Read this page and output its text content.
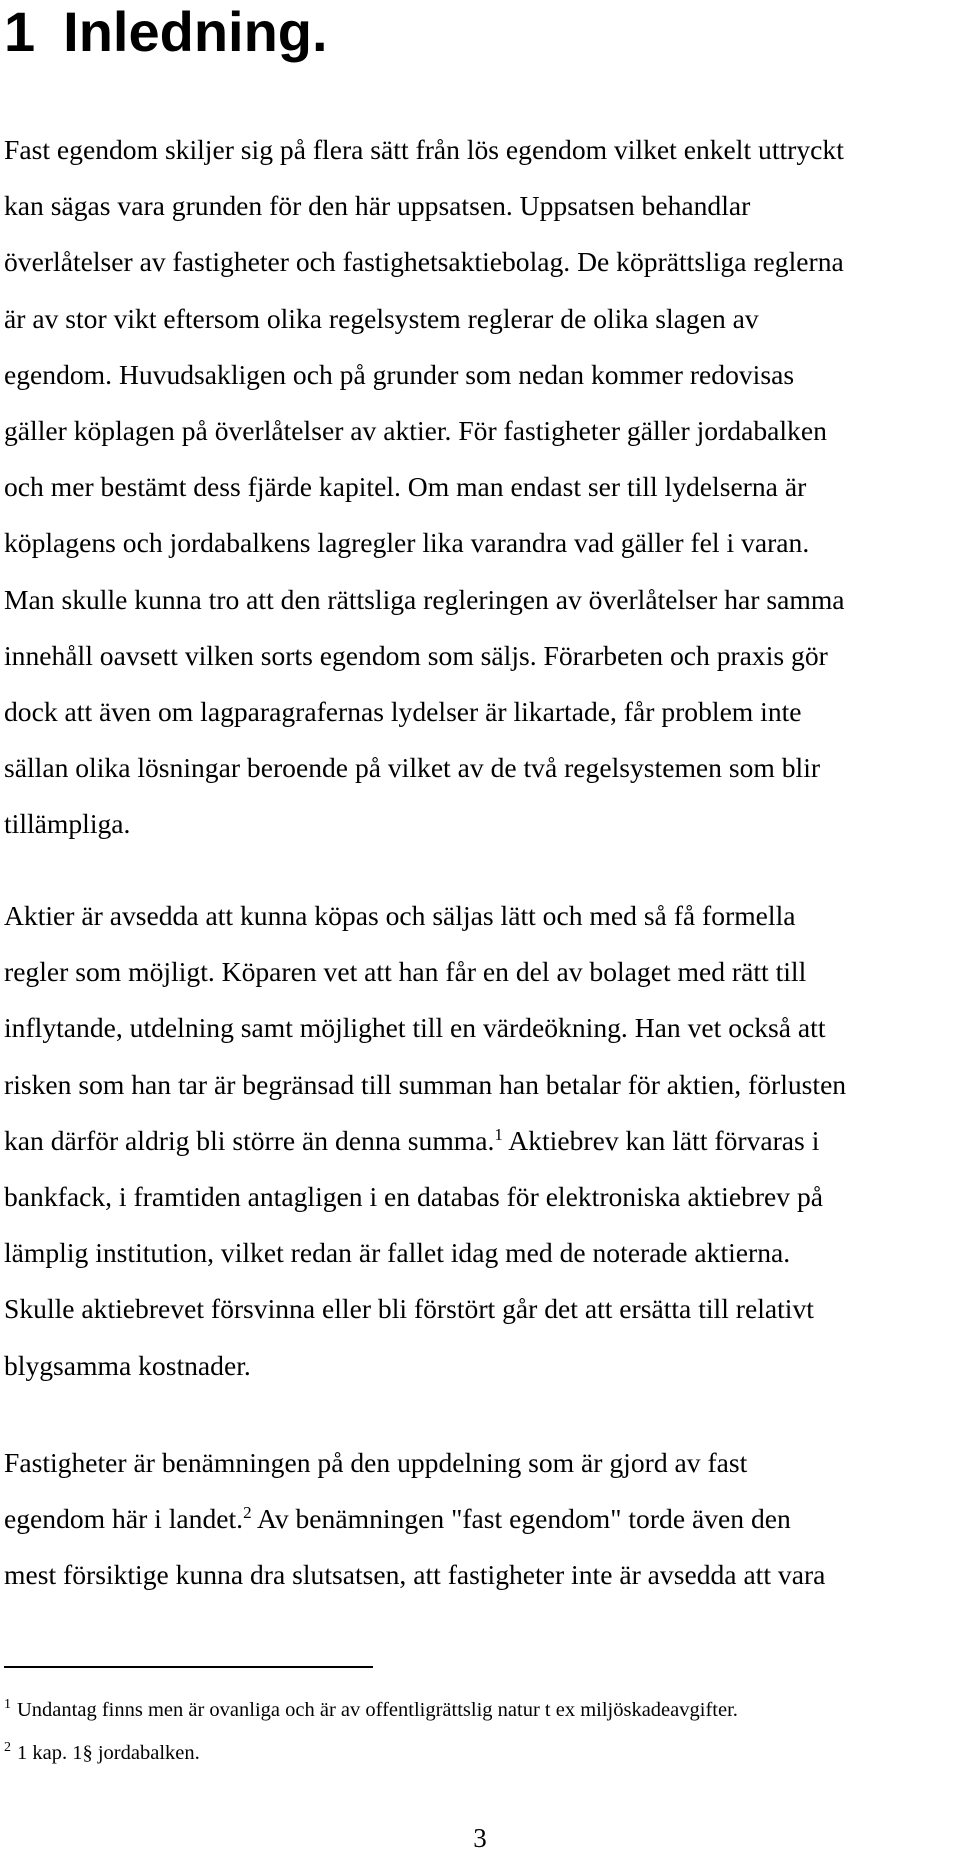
1 Inledning.

Fast egendom skiljer sig på flera sätt från lös egendom vilket enkelt uttryckt
kan sägas vara grunden för den här uppsatsen. Uppsatsen behandlar
överlåtelser av fastigheter och fastighetsaktiebolag. De köprättsliga reglerna
är av stor vikt eftersom olika regelsystem reglerar de olika slagen av
egendom. Huvudsakligen och på grunder som nedan kommer redovisas
gäller köplagen på överlåtelser av aktier. För fastigheter gäller jordabalken
och mer bestämt dess fjärde kapitel. Om man endast ser till lydelserna är
köplagens och jordabalkens lagregler lika varandra vad gäller fel i varan.
Man skulle kunna tro att den rättsliga regleringen av överlåtelser har samma
innehåll oavsett vilken sorts egendom som säljs. Förarbeten och praxis gör
dock att även om lagparagrafernas lydelser är likartade, får problem inte
sällan olika lösningar beroende på vilket av de två regelsystemen som blir
tillämpliga.

Aktier är avsedda att kunna köpas och säljas lätt och med så få formella
regler som möjligt. Köparen vet att han får en del av bolaget med rätt till
inflytande, utdelning samt möjlighet till en värdeökning. Han vet också att
risken som han tar är begränsad till summan han betalar för aktien, förlusten
kan därför aldrig bli större än denna summa.$^1$ Aktiebrev kan lätt förvaras i
bankfack, i framtiden antagligen i en databas för elektroniska aktiebrev på
lämplig institution, vilket redan är fallet idag med de noterade aktierna.
Skulle aktiebrevet försvinna eller bli förstört går det att ersätta till relativt
blygsamma kostnader.

Fastigheter är benämningen på den uppdelning som är gjord av fast
egendom här i landet.$^2$ Av benämningen "fast egendom" torde även den
mest försiktige kunna dra slutsatsen, att fastigheter inte är avsedda att vara

$^1$ Undantag finns men är ovanliga och är av offentligrättslig natur t ex miljöskadeavgifter.

$^2$ 1 kap. 1§ jordabalken.

3
